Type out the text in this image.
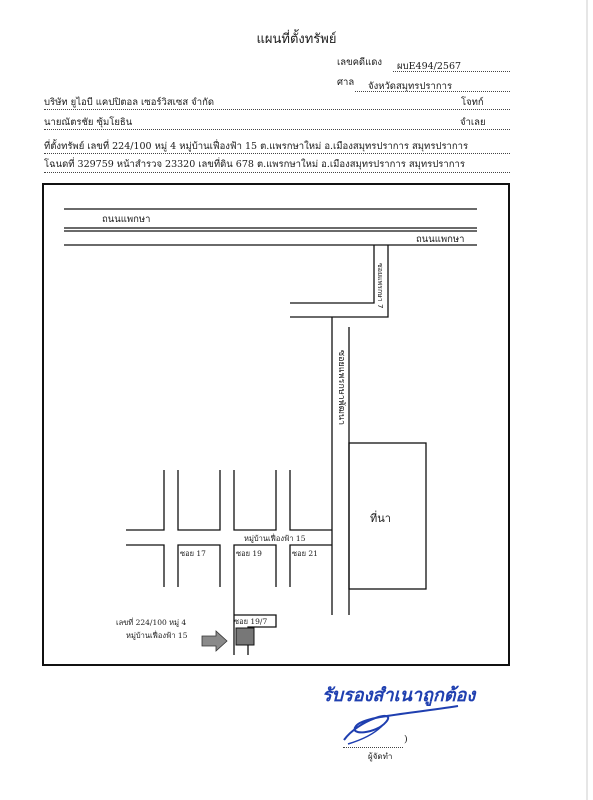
แผนที่ตั้งทรัพย์
เลขคดีแดง ผบE494/2567
ศาล จังหวัดสมุทรปราการ
บริษัท ยูไอบี แคปปิตอล เซอร์วิสเซส จำกัด	โจทก์
นายณัตรชัย ซุ้มโยธิน	จำเลย
ที่ตั้งทรัพย์ เลขที่ 224/100 หมู่ 4 หมู่บ้านเฟื่องฟ้า 15 ต.แพรกษาใหม่ อ.เมืองสมุทรปราการ สมุทรปราการ
โฉนดที่ 329759 หน้าสำรวจ 23320 เลขที่ดิน 678 ต.แพรกษาใหม่ อ.เมืองสมุทรปราการ สมุทรปราการ
ถนนแพกษา
ถนนแพกษา
ซอยแพรกษา 7
ซอยแพรกษาพัฒนา
หมู่บ้านเฟื่องฟ้า 15
ซอย 17	ซอย 19	ซอย 21
ซอย 19/7
ที่นา
เลขที่ 224/100 หมู่ 4
หมู่บ้านเฟื่องฟ้า 15
รับรองสำเนาถูกต้อง
)
ผู้จัดทำ
